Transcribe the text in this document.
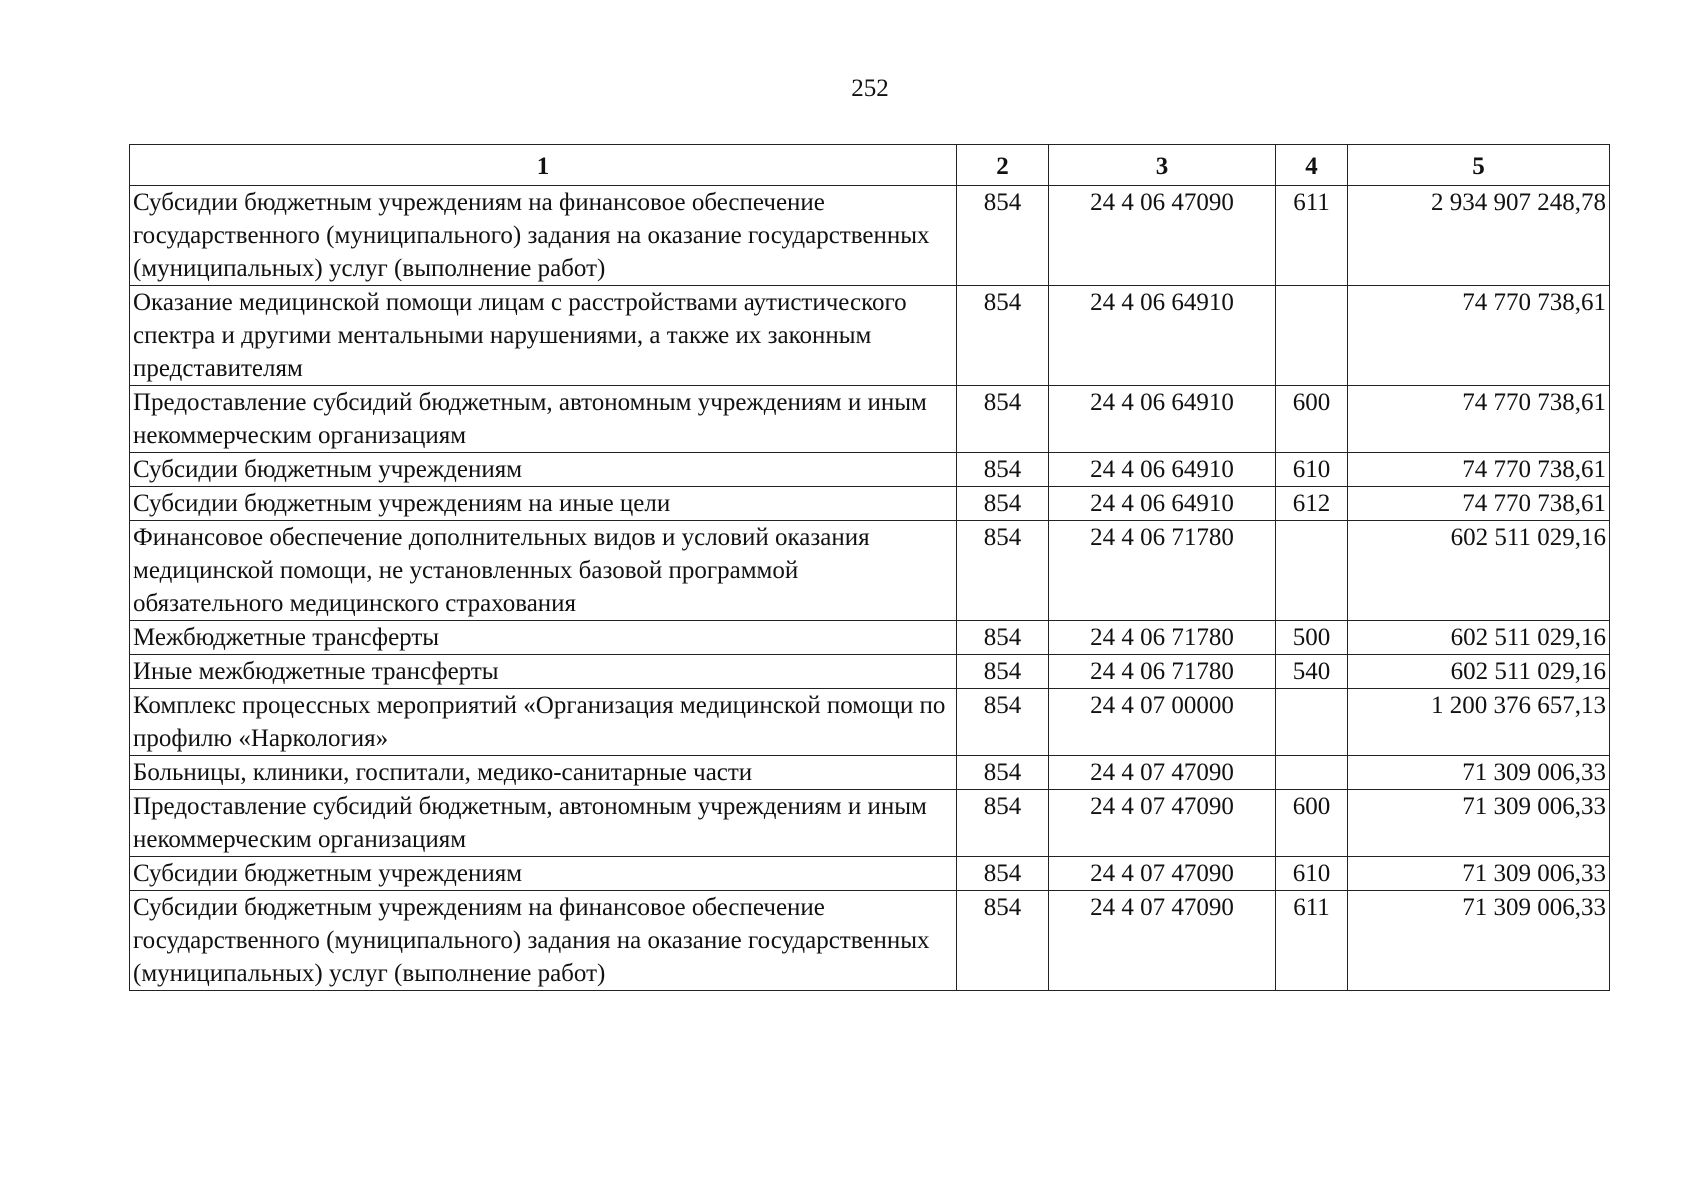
252
1	2	3	4	5
Субсидии бюджетным учреждениям на финансовое обеспечение государственного (муниципального) задания на оказание государственных (муниципальных) услуг (выполнение работ)	854	24 4 06 47090	611	2 934 907 248,78
Оказание медицинской помощи лицам с расстройствами аутистического спектра и другими ментальными нарушениями, а также их законным представителям	854	24 4 06 64910		74 770 738,61
Предоставление субсидий бюджетным, автономным учреждениям и иным некоммерческим организациям	854	24 4 06 64910	600	74 770 738,61
Субсидии бюджетным учреждениям	854	24 4 06 64910	610	74 770 738,61
Субсидии бюджетным учреждениям на иные цели	854	24 4 06 64910	612	74 770 738,61
Финансовое обеспечение дополнительных видов и условий оказания медицинской помощи, не установленных базовой программой обязательного медицинского страхования	854	24 4 06 71780		602 511 029,16
Межбюджетные трансферты	854	24 4 06 71780	500	602 511 029,16
Иные межбюджетные трансферты	854	24 4 06 71780	540	602 511 029,16
Комплекс процессных мероприятий «Организация медицинской помощи по профилю «Наркология»	854	24 4 07 00000		1 200 376 657,13
Больницы, клиники, госпитали, медико-санитарные части	854	24 4 07 47090		71 309 006,33
Предоставление субсидий бюджетным, автономным учреждениям и иным некоммерческим организациям	854	24 4 07 47090	600	71 309 006,33
Субсидии бюджетным учреждениям	854	24 4 07 47090	610	71 309 006,33
Субсидии бюджетным учреждениям на финансовое обеспечение государственного (муниципального) задания на оказание государственных (муниципальных) услуг (выполнение работ)	854	24 4 07 47090	611	71 309 006,33
